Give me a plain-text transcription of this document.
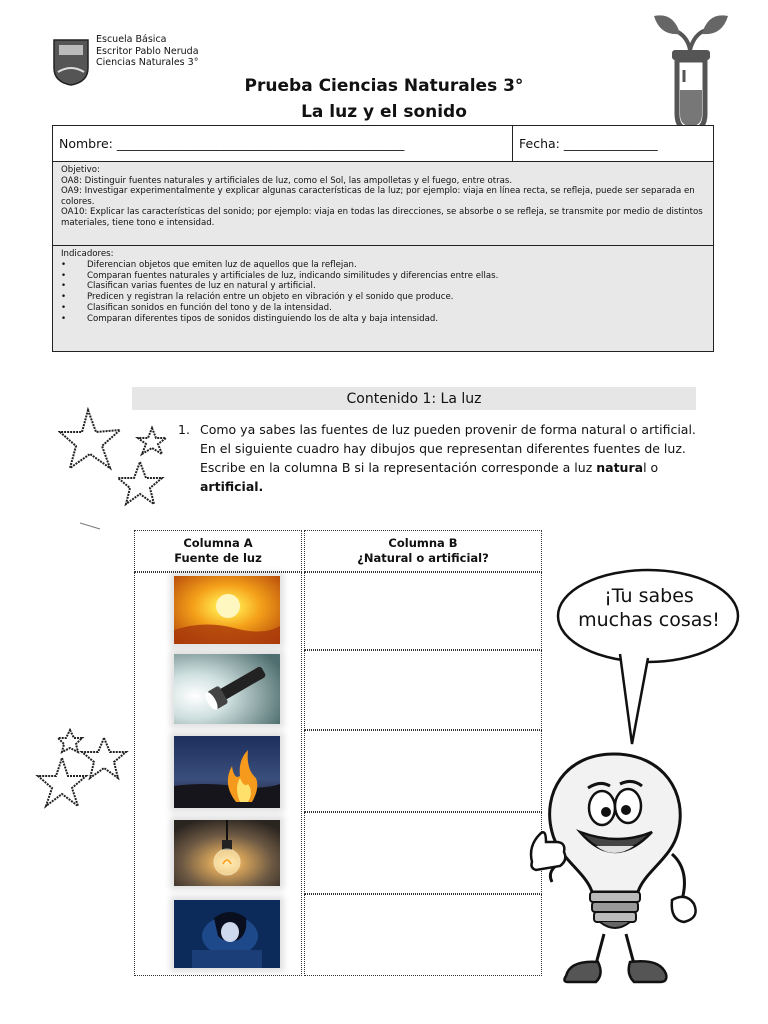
Escuela Básica
Escritor Pablo Neruda
Ciencias Naturales 3°
Prueba Ciencias Naturales 3°
La luz y el sonido
Nombre: ______________________________________________	Fecha: _______________
Objetivo:
OA8: Distinguir fuentes naturales y artificiales de luz, como el Sol, las ampolletas y el fuego, entre otras.
OA9: Investigar experimentalmente y explicar algunas características de la luz; por ejemplo: viaja en línea recta, se refleja, puede ser separada en colores.
OA10: Explicar las características del sonido; por ejemplo: viaja en todas las direcciones, se absorbe o se refleja, se transmite por medio de distintos materiales, tiene tono e intensidad.
Indicadores:
• Diferencian objetos que emiten luz de aquellos que la reflejan.
• Comparan fuentes naturales y artificiales de luz, indicando similitudes y diferencias entre ellas.
• Clasifican varias fuentes de luz en natural y artificial.
• Predicen y registran la relación entre un objeto en vibración y el sonido que produce.
• Clasifican sonidos en función del tono y de la intensidad.
• Comparan diferentes tipos de sonidos distinguiendo los de alta y baja intensidad.
Contenido 1: La luz
1. Como ya sabes las fuentes de luz pueden provenir de forma natural o artificial. En el siguiente cuadro hay dibujos que representan diferentes fuentes de luz. Escribe en la columna B si la representación corresponde a luz natural o artificial.
Columna A
Fuente de luz
Columna B
¿Natural o artificial?
¡Tu sabes
muchas cosas!
